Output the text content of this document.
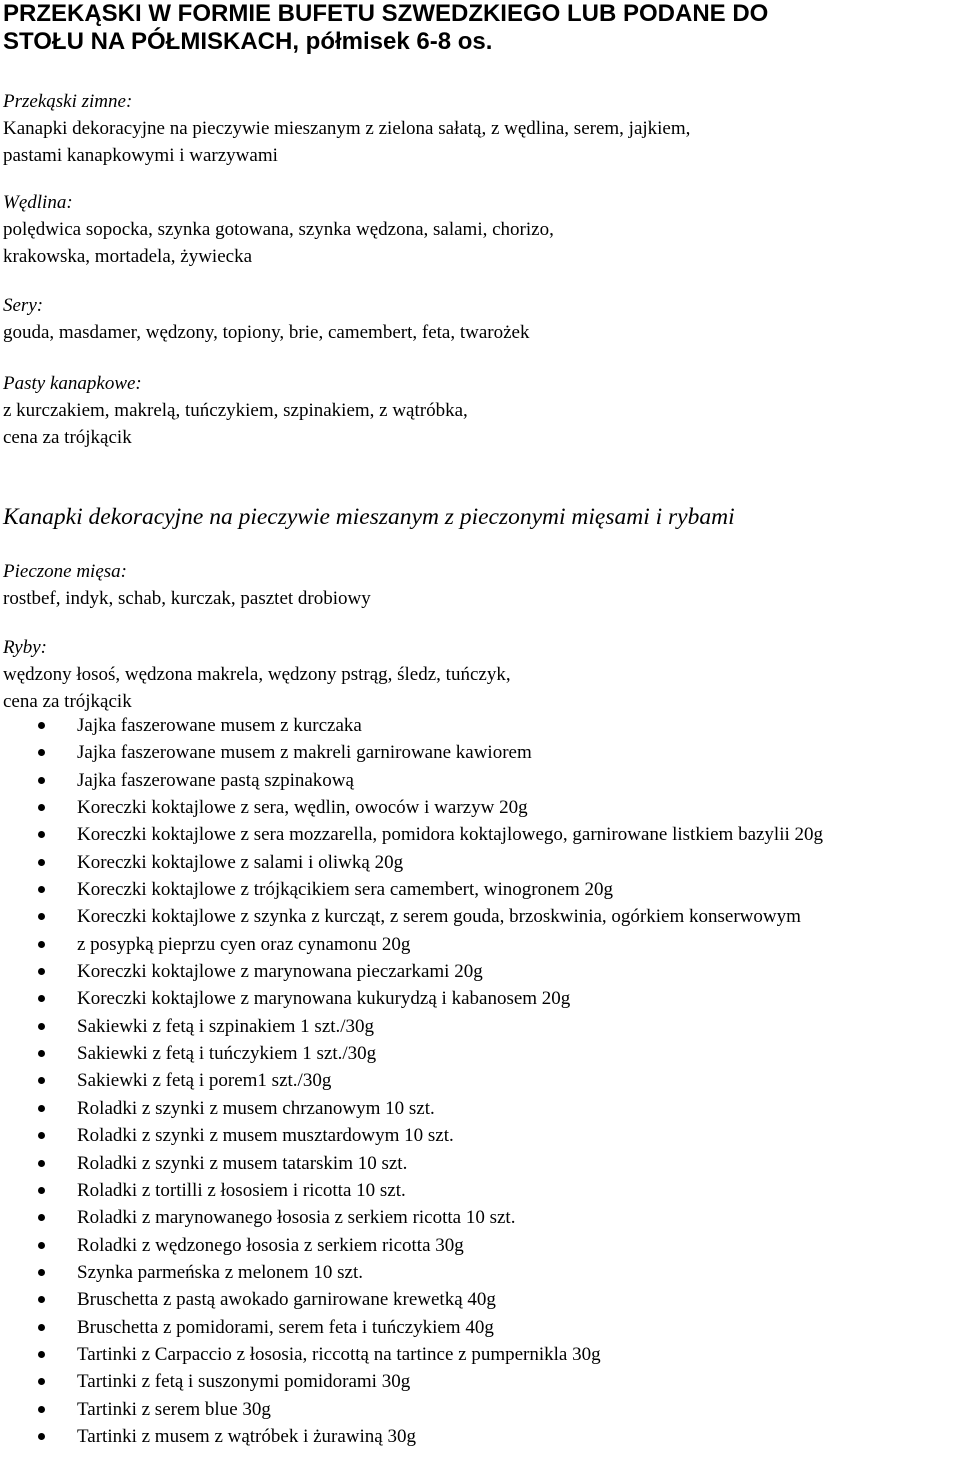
PRZEKĄSKI W FORMIE BUFETU SZWEDZKIEGO LUB PODANE DO
STOŁU NA PÓŁMISKACH, półmisek 6-8 os.
Przekąski zimne:
Kanapki dekoracyjne na pieczywie mieszanym z zielona sałatą, z wędlina, serem, jajkiem,
pastami kanapkowymi i warzywami
Wędlina:
polędwica sopocka, szynka gotowana, szynka wędzona, salami, chorizo,
krakowska, mortadela, żywiecka
Sery:
gouda, masdamer, wędzony, topiony, brie, camembert, feta, twarożek
Pasty kanapkowe:
z kurczakiem, makrelą, tuńczykiem, szpinakiem, z wątróbka,
cena za trójkącik
Kanapki dekoracyjne na pieczywie mieszanym z pieczonymi mięsami i rybami
Pieczone mięsa:
rostbef, indyk, schab, kurczak, pasztet drobiowy
Ryby:
wędzony łosoś, wędzona makrela, wędzony pstrąg, śledz, tuńczyk,
cena za trójkącik
Jajka faszerowane musem z kurczaka
Jajka faszerowane musem z makreli garnirowane kawiorem
Jajka faszerowane pastą szpinakową
Koreczki koktajlowe z sera, wędlin, owoców i warzyw 20g
Koreczki koktajlowe z sera mozzarella, pomidora koktajlowego, garnirowane listkiem bazylii 20g
Koreczki koktajlowe z salami i oliwką 20g
Koreczki koktajlowe z trójkącikiem sera camembert, winogronem 20g
Koreczki koktajlowe z szynka z kurcząt, z serem gouda, brzoskwinia, ogórkiem konserwowym
z posypką pieprzu cyen oraz cynamonu 20g
Koreczki koktajlowe z marynowana pieczarkami 20g
Koreczki koktajlowe z marynowana kukurydzą i kabanosem 20g
Sakiewki z fetą i szpinakiem 1 szt./30g
Sakiewki z fetą i tuńczykiem 1 szt./30g
Sakiewki z fetą i porem1 szt./30g
Roladki z szynki z musem chrzanowym 10 szt.
Roladki z szynki z musem musztardowym 10 szt.
Roladki z szynki z musem tatarskim 10 szt.
Roladki z tortilli z łososiem i ricotta 10 szt.
Roladki z marynowanego łososia z serkiem ricotta 10 szt.
Roladki z wędzonego łososia z serkiem ricotta 30g
Szynka parmeńska z melonem 10 szt.
Bruschetta z pastą awokado garnirowane krewetką 40g
Bruschetta z pomidorami, serem feta i tuńczykiem 40g
Tartinki z Carpaccio z łososia, riccottą na tartince z pumpernikla 30g
Tartinki z fetą i suszonymi pomidorami 30g
Tartinki z serem blue 30g
Tartinki z musem z wątróbek i żurawiną 30g
